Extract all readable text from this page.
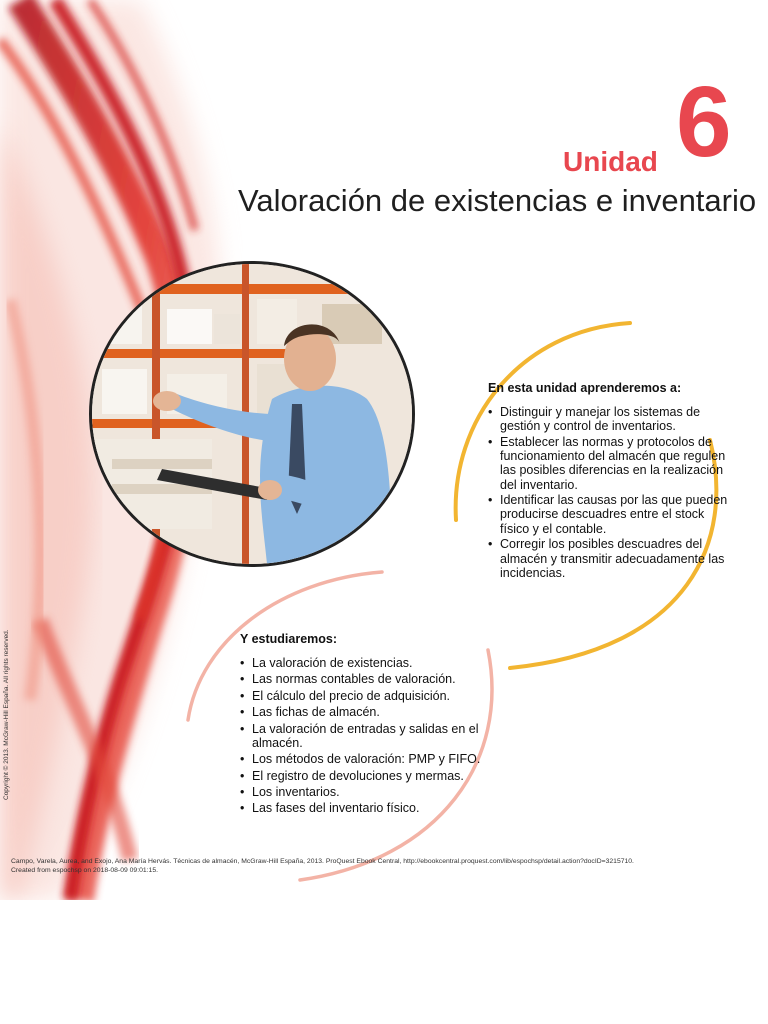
Unidad 6
Valoración de existencias e inventario
En esta unidad aprenderemos a:
• Distinguir y manejar los sistemas de gestión y control de inventarios.
• Establecer las normas y protocolos de funcionamiento del almacén que regulen las posibles diferencias en la realización del inventario.
• Identificar las causas por las que pueden producirse descuadres entre el stock físico y el contable.
• Corregir los posibles descuadres del almacén y transmitir adecuadamente las incidencias.
Y estudiaremos:
• La valoración de existencias.
• Las normas contables de valoración.
• El cálculo del precio de adquisición.
• Las fichas de almacén.
• La valoración de entradas y salidas en el almacén.
• Los métodos de valoración: PMP y FIFO.
• El registro de devoluciones y mermas.
• Los inventarios.
• Las fases del inventario físico.
Copyright © 2013. McGraw-Hill España. All rights reserved.
Campo, Varela, Aurea, and Exojo, Ana María Hervás. Técnicas de almacén, McGraw-Hill España, 2013. ProQuest Ebook Central, http://ebookcentral.proquest.com/lib/espochsp/detail.action?docID=3215710.
Created from espochsp on 2018-08-09 09:01:15.
